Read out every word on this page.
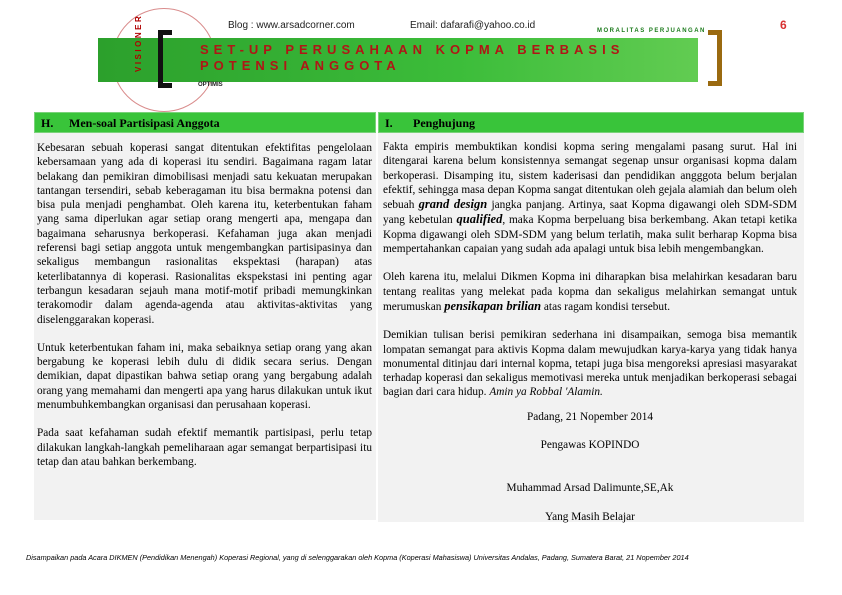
Blog : www.arsadcorner.com	Email: dafarafi@yahoo.co.id	MORALITAS PERJUANGAN	6
VISIONER	SET-UP PERUSAHAAN KOPMA BERBASIS
POTENSI ANGGOTA
OPTIMIS
H. Men-soal Partisipasi Anggota

Kebesaran sebuah koperasi sangat ditentukan efektifitas pengelolaan kebersamaan yang ada di koperasi itu sendiri. Bagaimana ragam latar belakang dan pemikiran dimobilisasi menjadi satu kekuatan merupakan tantangan tersendiri, sebab keberagaman itu bisa bermakna potensi dan bisa pula menjadi penghambat. Oleh karena itu, keterbentukan faham yang sama diperlukan agar setiap orang mengerti apa, mengapa dan bagaimana seharusnya berkoperasi. Kefahaman juga akan menjadi referensi bagi setiap anggota untuk mengembangkan partisipasinya dan sekaligus membangun rasionalitas ekspektasi (harapan) atas keterlibatannya di koperasi. Rasionalitas ekspekstasi ini penting agar terbangun kesadaran sejauh mana motif-motif pribadi memungkinkan terakomodir dalam agenda-agenda atau aktivitas-aktivitas yang diselenggarakan koperasi.

Untuk keterbentukan faham ini, maka sebaiknya setiap orang yang akan bergabung ke koperasi lebih dulu di didik secara serius. Dengan demikian, dapat dipastikan bahwa setiap orang yang bergabung adalah orang yang memahami dan mengerti apa yang harus dilakukan untuk ikut menumbuhkembangkan organisasi dan perusahaan koperasi.

Pada saat kefahaman sudah efektif memantik partisipasi, perlu tetap dilakukan langkah-langkah pemeliharaan agar semangat berpartisipasi itu tetap dan atau bahkan berkembang.

I. Penghujung

Fakta empiris membuktikan kondisi kopma sering mengalami pasang surut. Hal ini ditengarai karena belum konsistennya semangat segenap unsur organisasi kopma dalam berkoperasi. Disamping itu, sistem kaderisasi dan pendidikan angggota belum berjalan efektif, sehingga masa depan Kopma sangat ditentukan oleh gejala alamiah dan belum oleh sebuah grand design jangka panjang. Artinya, saat Kopma digawangi oleh SDM-SDM yang kebetulan qualified, maka Kopma berpeluang bisa berkembang. Akan tetapi ketika Kopma digawangi oleh SDM-SDM yang belum terlatih, maka sulit berharap Kopma bisa mempertahankan capaian yang sudah ada apalagi untuk bisa lebih mengembangkan.

Oleh karena itu, melalui Dikmen Kopma ini diharapkan bisa melahirkan kesadaran baru tentang realitas yang melekat pada kopma dan sekaligus melahirkan semangat untuk merumuskan pensikapan brilian atas ragam kondisi tersebut.

Demikian tulisan berisi pemikiran sederhana ini disampaikan, semoga bisa memantik lompatan semangat para aktivis Kopma dalam mewujudkan karya-karya yang tidak hanya monumental ditinjau dari internal kopma, tetapi juga bisa mengoreksi apresiasi masyarakat terhadap koperasi dan sekaligus memotivasi mereka untuk menjadikan berkoperasi sebagai bagian dari cara hidup. Amin ya Robbal 'Alamin.

Padang, 21 Nopember 2014

Pengawas KOPINDO

Muhammad Arsad Dalimunte,SE,Ak

Yang Masih Belajar

Disampaikan pada Acara DIKMEN (Pendidikan Menengah) Koperasi Regional, yang di selenggarakan oleh Kopma (Koperasi Mahasiswa) Universitas Andalas, Padang, Sumatera Barat, 21 Nopember 2014
